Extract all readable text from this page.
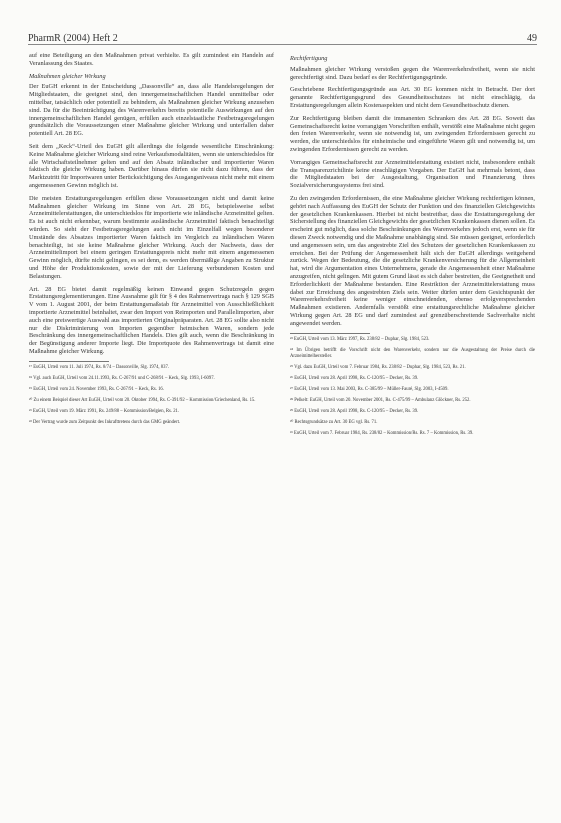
PharmR (2004) Heft 2	49

auf eine Beteiligung an den Maßnahmen privat verhielte. Es gilt zumindest ein Handeln auf Veranlassung des Staates.

Maßnahmen gleicher Wirkung

Der EuGH erkennt in der Entscheidung „Dassonville“ an, dass alle Handelsregelungen der Mitgliedstaaten, die geeignet sind, den innergemeinschaftlichen Handel unmittelbar oder mittelbar, tatsächlich oder potentiell zu behindern, als Maßnahmen gleicher Wirkung anzusehen sind. Da für die Beeinträchtigung des Warenverkehrs bereits potentielle Auswirkungen auf den innergemeinschaftlichen Handel genügen, erfüllen auch einzelstaatliche Festbetragsregelungen grundsätzlich die Voraussetzungen einer Maßnahme gleicher Wirkung und unterfallen daher potentiell Art. 28 EG.

Seit dem „Keck“-Urteil des EuGH gilt allerdings die folgende wesentliche Einschränkung: Keine Maßnahme gleicher Wirkung sind reine Verkaufsmodalitäten, wenn sie unterschiedslos für alle Wirtschaftsteilnehmer gelten und auf den Absatz inländischer und importierter Waren faktisch die gleiche Wirkung haben. Darüber hinaus dürfen sie nicht dazu führen, dass der Marktzutritt für Importwaren unter Berücksichtigung des Ausgangsniveaus nicht mehr mit einem angemessenen Gewinn möglich ist.

Die meisten Erstattungsregelungen erfüllen diese Voraussetzungen nicht und damit keine Maßnahmen gleicher Wirkung im Sinne von Art. 28 EG, beispielsweise selbst Arzneimittelerstattungen, die unterschiedslos für importierte wie inländische Arzneimittel gelten. Es ist auch nicht erkennbar, warum bestimmte ausländische Arzneimittel faktisch benachteiligt würden. So sieht der Festbetragsregelungen auch nicht im Einzelfall wegen besonderer Umstände des Absatzes importierter Waren faktisch im Vergleich zu inländischen Waren benachteiligt, ist sie keine Maßnahme gleicher Wirkung. Auch der Nachweis, dass der Arzneimittelimport bei einem geringen Erstattungspreis nicht mehr mit einem angemessenen Gewinn möglich, dürfte nicht gelingen, es sei denn, es werden übermäßige Angaben zu Struktur und Höhe der Produktionskosten, sowie der mit der Lieferung verbundenen Kosten und Belastungen.

Art. 28 EG bietet damit regelmäßig keinen Einwand gegen Schutzregeln gegen Erstattungsreglementierungen. Eine Ausnahme gilt für § 4 des Rahmenvertrags nach § 129 SGB V vom 1. August 2001, der beim Erstattungsmaßstab für Arzneimittel von Ausschließlichkeit importierte Arzneimittel beinhaltet, zwar den Import von Reimporten und Parallelimporten, aber auch eine preiswertige Auswahl aus importierten Originalpräparaten. Art. 28 EG sollte also nicht nur die Diskriminierung von Importen gegenüber heimischen Waren, sondern jede Beschränkung des innergemeinschaftlichen Handels. Dies gilt auch, wenn die Beschränkung in der Begünstigung anderer Importe liegt. Die Importquote des Rahmenvertrags ist damit eine Maßnahme gleicher Wirkung.

¹⁷ EuGH, Urteil vom 11. Juli 1974, Rs. 8/74 – Dassonville, Slg. 1974, 837.

¹⁸ Vgl. auch EuGH, Urteil vom 24.11.1993, Rs. C-267/91 und C-268/91 – Keck, Slg. 1993, I-6097.

¹⁹ EuGH, Urteil vom 24. November 1993, Rs. C-267/91 – Keck, Rs. 16.

²⁰ Zu einem Beispiel dieser Art EuGH, Urteil vom 20. Oktober 1994, Rs. C-391/92 – Kommission/Griechenland, Rs. 15.

²¹ EuGH, Urteil vom 19. März 1991, Rs. 249/88 – Kommission/Belgien, Rs. 21.

²² Der Vertrag wurde zum Zeitpunkt des Inkrafttretens durch das GMG geändert.

Rechtfertigung

Maßnahmen gleicher Wirkung verstoßen gegen die Warenverkehrsfreiheit, wenn sie nicht gerechtfertigt sind. Dazu bedarf es der Rechtfertigungsgründe.

Geschriebene Rechtfertigungsgründe aus Art. 30 EG kommen nicht in Betracht. Der dort genannte Rechtfertigungsgrund des Gesundheitsschutzes ist nicht einschlägig, da Erstattungsregelungen allein Kostenaspekten und nicht dem Gesundheitsschutz dienen.

Zur Rechtfertigung bleiben damit die immanenten Schranken des Art. 28 EG. Soweit das Gemeinschaftsrecht keine vorrangigen Vorschriften enthält, verstößt eine Maßnahme nicht gegen den freien Warenverkehr, wenn sie notwendig ist, um zwingenden Erfordernissen gerecht zu werden, die unterschiedslos für einheimische und eingeführte Waren gilt und notwendig ist, um zwingenden Erfordernissen gerecht zu werden.

Vorrangiges Gemeinschaftsrecht zur Arzneimittelerstattung existiert nicht, insbesondere enthält die Transparenzrichtlinie keine einschlägigen Vorgaben. Der EuGH hat mehrmals betont, dass die Mitgliedstaaten bei der Ausgestaltung, Organisation und Finanzierung ihres Sozialversicherungssystems frei sind.

Zu den zwingenden Erfordernissen, die eine Maßnahme gleicher Wirkung rechtfertigen können, gehört nach Auffassung des EuGH der Schutz der Funktion und des finanziellen Gleichgewichts der gesetzlichen Krankenkassen. Hierbei ist nicht bestreitbar, dass die Erstattungsregelung der Sicherstellung des finanziellen Gleichgewichts der gesetzlichen Krankenkassen dienen sollen. Es erscheint gut möglich, dass solche Beschränkungen des Warenverkehrs jedoch erst, wenn sie für diesen Zweck notwendig und die Maßnahme unabhängig sind. Sie müssen geeignet, erforderlich und angemessen sein, um das angestrebte Ziel des Schutzes der gesetzlichen Krankenkassen zu erreichen. Bei der Prüfung der Angemessenheit hält sich der EuGH allerdings weitgehend zurück. Wegen der Bedeutung, die die gesetzliche Krankenversicherung für die Allgemeinheit hat, wird die Argumentation eines Unternehmens, gerade die Angemessenheit einer Maßnahme anzugreifen, nicht gelingen. Mit gutem Grund lässt es sich daher bestreiten, die Geeignetheit und Erforderlichkeit der Maßnahme bestanden. Eine Restriktion der Arzneimittelerstattung muss dabei zur Erreichung des angestrebten Ziels sein. Weiter dürfen unter dem Gesichtspunkt der Warenverkehrsfreiheit keine weniger einschneidenden, ebenso erfolgversprechenden Maßnahmen existieren. Andernfalls verstößt eine erstattungsrechtliche Maßnahme gleicher Wirkung gegen Art. 28 EG und darf zumindest auf grenzüberschreitende Sachverhalte nicht angewendet werden.

²³ EuGH, Urteil vom 13. März 1997, Rs. 238/82 – Duphar, Slg. 1984, 523.

²⁴ Im Übrigen betrifft die Vorschrift nicht den Warenverkehr, sondern nur die Ausgestaltung der Preise durch die Arzneimittelhersteller.

²⁵ Vgl. dazu EuGH, Urteil vom 7. Februar 1984, Rs. 238/82 – Duphar, Slg. 1984, 523, Rs. 21.

²⁶ EuGH, Urteil vom 28. April 1998, Rs. C-120/95 – Decker, Rs. 39.

²⁷ EuGH, Urteil vom 13. Mai 2003, Rs. C-385/99 – Müller-Fauré, Slg. 2003, I-4509.

²⁸ Pelkelt: EuGH, Urteil vom 20. November 2001, Rs. C-475/99 – Ambulanz Glöckner, Rs. 252.

²⁹ EuGH, Urteil vom 28. April 1998, Rs. C-120/95 – Decker, Rs. 39.

³⁰ Rechtsgrundsätze zu Art. 30 EG vgl. Rs. 71.

³¹ EuGH, Urteil vom 7. Februar 1984, Rs. 238/82 – Kommission/Rs. Rs. 7 – Kommission, Rs. 39.
